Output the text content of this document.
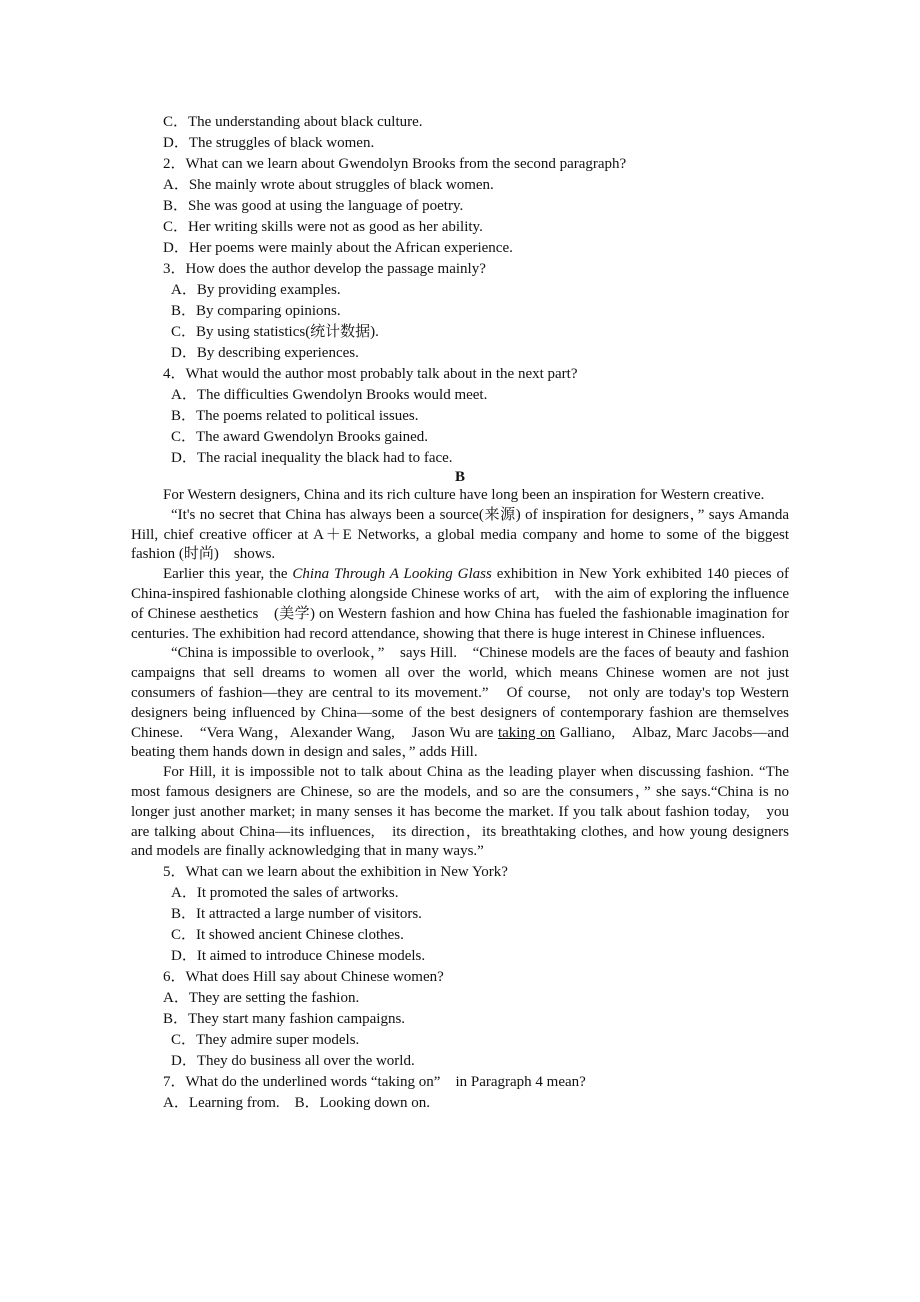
C．The understanding about black culture.

D．The struggles of black women.

2．What can we learn about Gwendolyn Brooks from the second paragraph?

A．She mainly wrote about struggles of black women.

B．She was good at using the language of poetry.

C．Her writing skills were not as good as her ability.

D．Her poems were mainly about the African experience.

3．How does the author develop the passage mainly?

A．By providing examples.

B．By comparing opinions.

C．By using statistics(统计数据).

D．By describing experiences.

4．What would the author most probably talk about in the next part?

A．The difficulties Gwendolyn Brooks would meet.

B．The poems related to political issues.

C．The award Gwendolyn Brooks gained.

D．The racial inequality the black had to face.

B

For Western designers, China and its rich culture have long been an inspiration for Western creative.

“It's no secret that China has always been a source(来源) of inspiration for designers，” says Amanda Hill, chief creative officer at A＋E Networks, a global media company and home to some of the biggest fashion (时尚)　shows.

Earlier this year, the China Through A Looking Glass exhibition in New York exhibited 140 pieces of China-inspired fashionable clothing alongside Chinese works of art,　with the aim of exploring the influence of Chinese aesthetics　(美学) on Western fashion and how China has fueled the fashionable imagination for centuries. The exhibition had record attendance, showing that there is huge interest in Chinese influences.

“China is impossible to overlook，”　says Hill.　“Chinese models are the faces of beauty and fashion campaigns that sell dreams to women all over the world, which means Chinese women are not just consumers of fashion—they are central to its movement.”　Of course,　not only are today's top Western designers being influenced by China—some of the best designers of contemporary fashion are themselves Chinese.　“Vera Wang，Alexander Wang,　Jason Wu are taking on Galliano,　Albaz, Marc Jacobs—and beating them hands down in design and sales，” adds Hill.

For Hill, it is impossible not to talk about China as the leading player when discussing fashion. “The most famous designers are Chinese, so are the models, and so are the consumers，” she says.“China is no longer just another market; in many senses it has become the market. If you talk about fashion today,　you are talking about China—its influences,　its direction，its breathtaking clothes, and how young designers and models are finally acknowledging that in many ways.”

5．What can we learn about the exhibition in New York?

A．It promoted the sales of artworks.

B．It attracted a large number of visitors.

C．It showed ancient Chinese clothes.

D．It aimed to introduce Chinese models.

6．What does Hill say about Chinese women?

A．They are setting the fashion.

B．They start many fashion campaigns.

C．They admire super models.

D．They do business all over the world.

7．What do the underlined words “taking on”　in Paragraph 4 mean?

A．Learning from.　B．Looking down on.
